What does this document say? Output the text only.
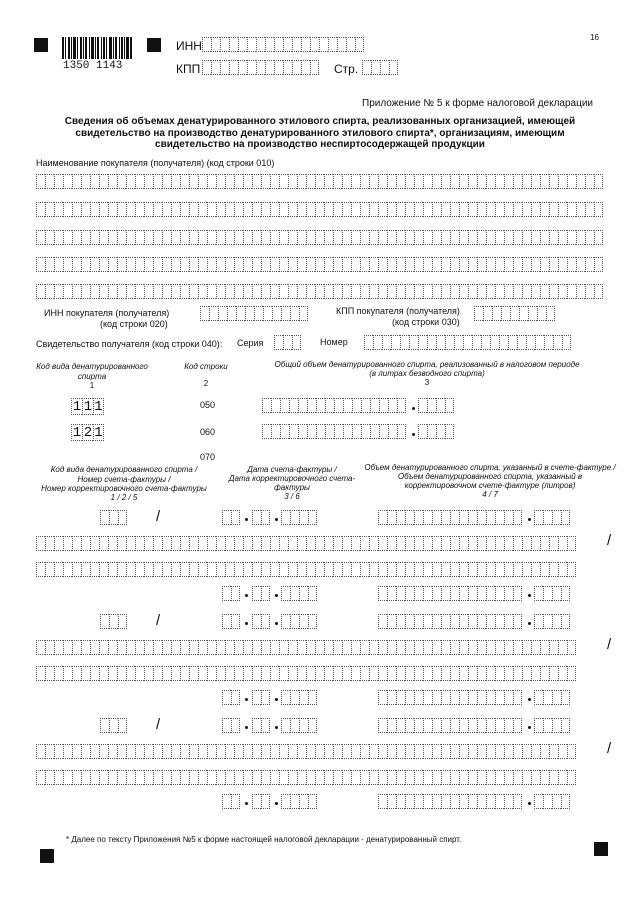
1350 1143
16
ИНН
КПП	Стр.
Приложение № 5 к форме налоговой декларации
Сведения об объемах денатурированного этилового спирта, реализованных организацией, имеющей
свидетельство на производство денатурированного этилового спирта*, организациям, имеющим
свидетельство на производство неспиртосодержащей продукции
Наименование покупателя (получателя) (код строки 010)
ИНН покупателя (получателя)
(код строки 020)
КПП покупателя (получателя)
(код строки 030)
Свидетельство получателя (код строки 040): Серия	Номер
Код вида денатурированного
спирта
1
Код строки
2
Общий объем денатурированного спирта, реализованный в налоговом периоде
(в литрах безводного спирта)
3
1 1 1	050
1 2 1	060
070
Код вида денатурированного спирта /
Номер счета-фактуры /
Номер корректировочного счета-фактуры
1 / 2 / 5
Дата счета-фактуры /
Дата корректировочного счета-
фактуры
3 / 6
Объем денатурированного спирта, указанный в счете-фактуре /
Объем денатурированного спирта, указанный в
корректировочном счете-фактуре (литров)
4 / 7
/
/
/
/
/
/
* Далее по тексту Приложения №5 к форме настоящей налоговой декларации - денатурированный спирт.
